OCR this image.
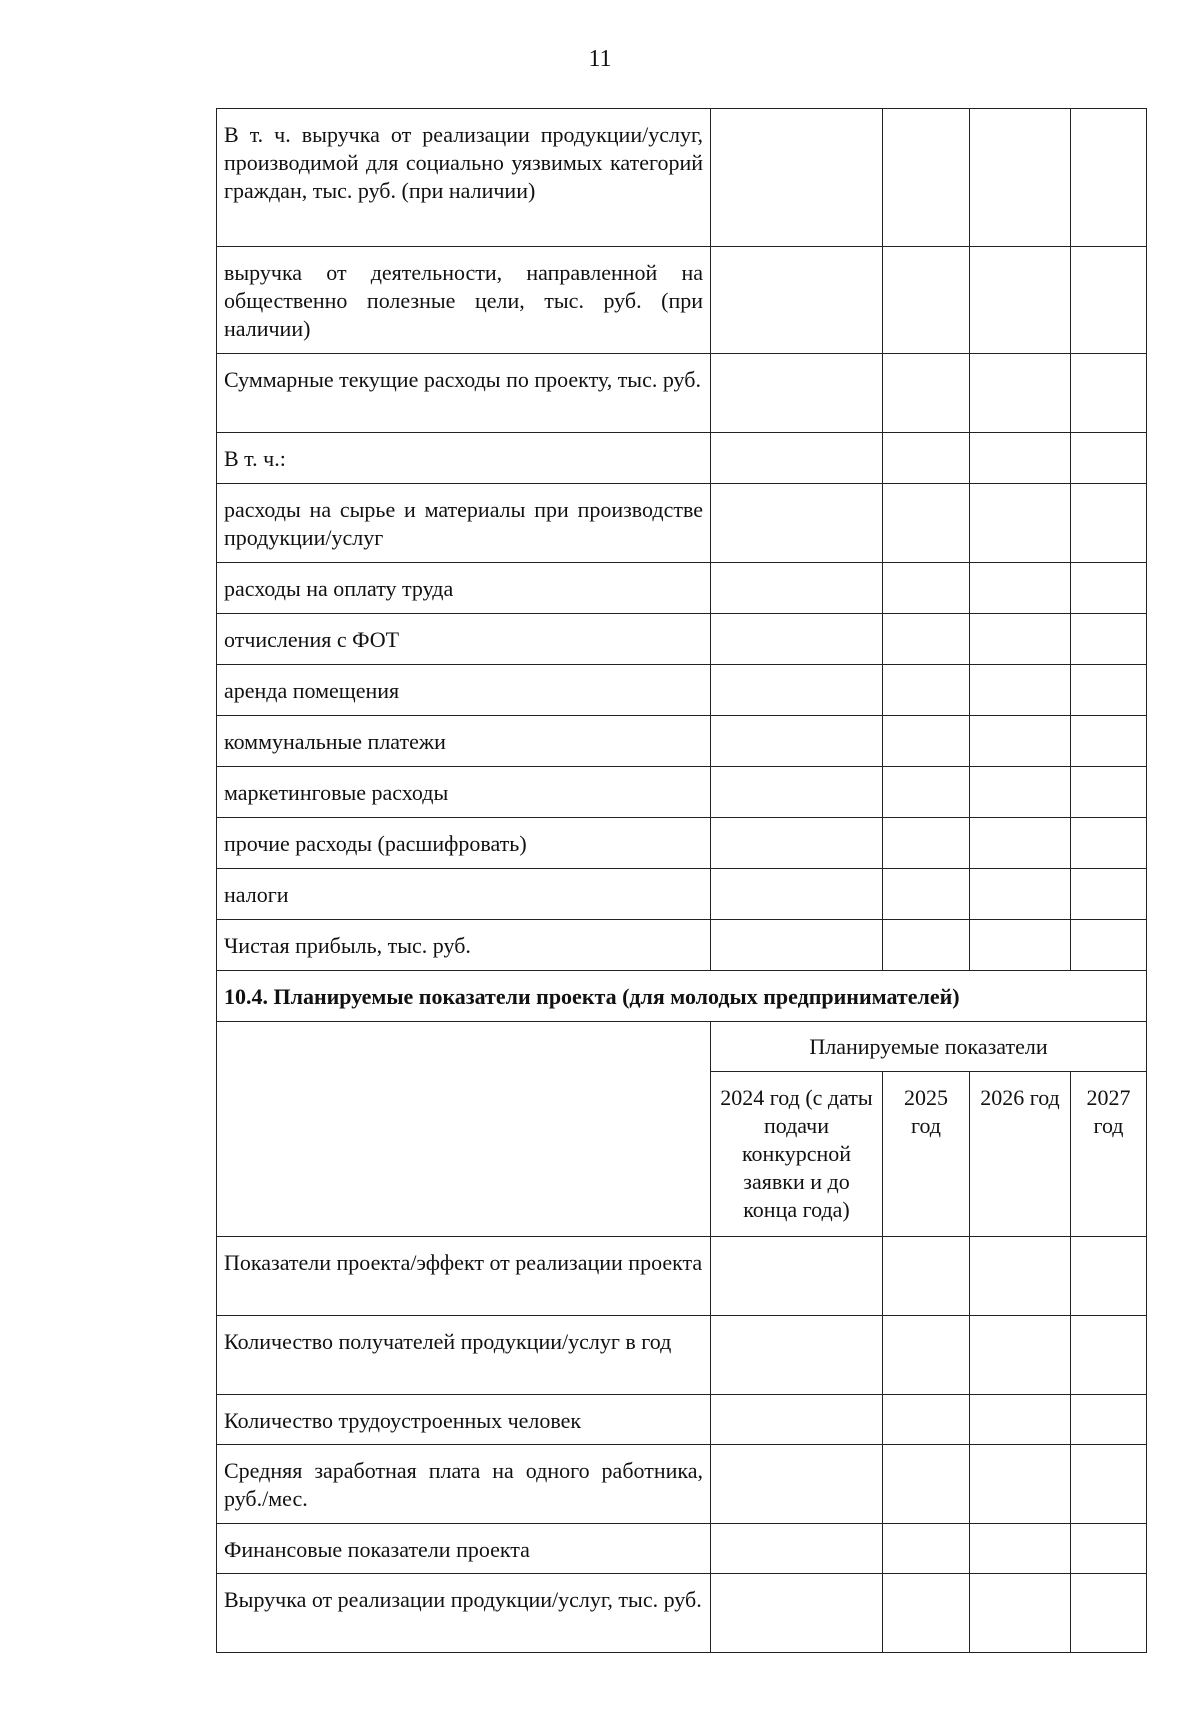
11
В т. ч. выручка от реализации продукции/услуг, производимой для социально уязвимых категорий граждан, тыс. руб. (при наличии)				
выручка от деятельности, направленной на общественно полезные цели, тыс. руб. (при наличии)				
Суммарные текущие расходы по проекту, тыс. руб.				
В т. ч.:				
расходы на сырье и материалы при производстве продукции/услуг				
расходы на оплату труда				
отчисления с ФОТ				
аренда помещения				
коммунальные платежи				
маркетинговые расходы				
прочие расходы (расшифровать)				
налоги				
Чистая прибыль, тыс. руб.				
10.4. Планируемые показатели проекта (для молодых предпринимателей)				
	Планируемые показатели			
	2024 год (с даты подачи конкурсной заявки и до конца года)	2025 год	2026 год	2027 год
Показатели проекта/эффект от реализации проекта				
Количество получателей продукции/услуг в год				
Количество трудоустроенных человек				
Средняя заработная плата на одного работника, руб./мес.				
Финансовые показатели проекта				
Выручка от реализации продукции/услуг, тыс. руб.				
